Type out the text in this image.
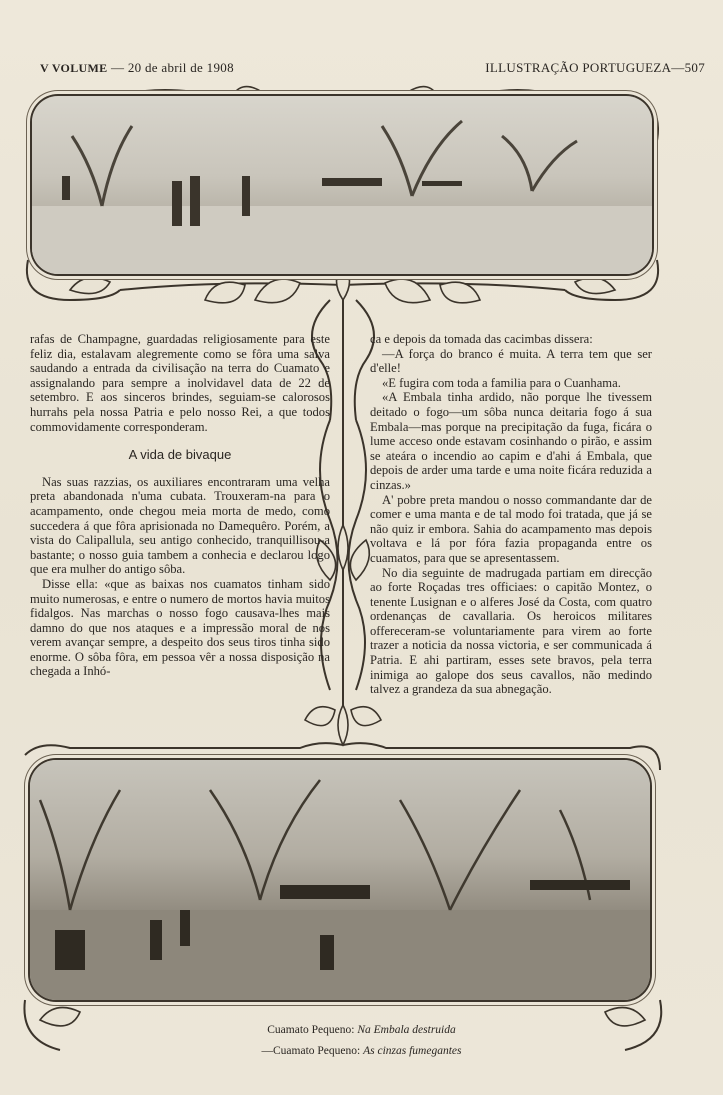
V VOLUME — 20 de abril de 1908	ILLUSTRAÇÃO PORTUGUEZA—507

rafas de Champagne, guardadas religiosamente para este feliz dia, estalavam alegremente como se fôra uma salva saudando a entrada da civilisação na terra do Cuamato e assignalando para sempre a inolvidavel data de 22 de setembro. E aos sinceros brindes, seguiam-se calorosos hurrahs pela nossa Patria e pelo nosso Rei, a que todos commovidamente corresponderam.

A vida de bivaque

Nas suas razzias, os auxiliares encontraram uma velha preta abandonada n'uma cubata. Trouxeram-na para o acampamento, onde chegou meia morta de medo, como succedera á que fôra aprisionada no Damequêro. Porém, a vista do Calipallula, seu antigo conhecido, tranquillisou-a bastante; o nosso guia tambem a conhecia e declarou logo que era mulher do antigo sôba.

Disse ella: «que as baixas nos cuamatos tinham sido muito numerosas, e entre o numero de mortos havia muitos fidalgos. Nas marchas o nosso fogo causava-lhes mais damno do que nos ataques e a impressão moral de nos verem avançar sempre, a despeito dos seus tiros tinha sido enorme. O sôba fôra, em pessoa vêr a nossa disposição na chegada a Inhó-

ca e depois da tomada das cacimbas dissera:

—A força do branco é muita. A terra tem que ser d'elle!

«E fugira com toda a familia para o Cuanhama.

«A Embala tinha ardido, não porque lhe tivessem deitado o fogo—um sôba nunca deitaria fogo á sua Embala—mas porque na precipitação da fuga, ficára o lume acceso onde estavam cosinhando o pirão, e assim se ateára o incendio ao capim e d'ahi á Embala, que depois de arder uma tarde e uma noite ficára reduzida a cinzas.»

A' pobre preta mandou o nosso commandante dar de comer e uma manta e de tal modo foi tratada, que já se não quiz ir embora. Sahia do acampamento mas depois voltava e lá por fóra fazia propaganda entre os cuamatos, para que se apresentassem.

No dia seguinte de madrugada partiam em direcção ao forte Roçadas tres officiaes: o capitão Montez, o tenente Lusignan e o alferes José da Costa, com quatro ordenanças de cavallaria. Os heroicos militares offereceram-se voluntariamente para virem ao forte trazer a noticia da nossa victoria, e ser communicada á Patria. E ahi partiram, esses sete bravos, pela terra inimiga ao galope dos seus cavallos, não medindo talvez a grandeza da sua abnegação.

Cuamato Pequeno: Na Embala destruida
—Cuamato Pequeno: As cinzas fumegantes
